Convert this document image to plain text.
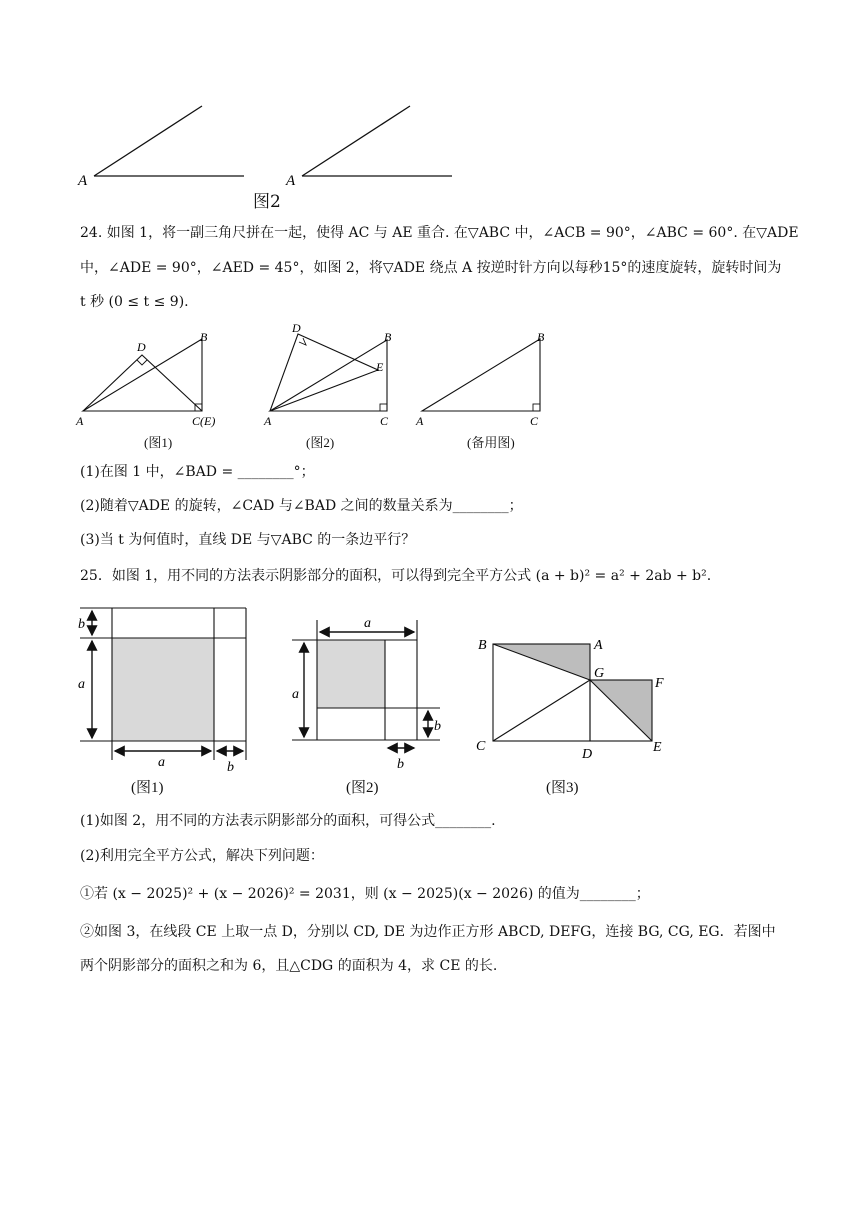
A	A
图2
24. 如图 1，将一副三角尺拼在一起，使得 AC 与 AE 重合. 在▽ABC 中，∠ACB = 90°，∠ABC = 60°. 在▽ADE
中，∠ADE = 90°，∠AED = 45°，如图 2，将▽ADE 绕点 A 按逆时针方向以每秒15°的速度旋转，旋转时间为
t 秒 (0 ≤ t ≤ 9).
A
D
B
C(E)
(图1)
A
D
B
E
C
(图2)
A
B
C
(备用图)
(1)在图 1 中，∠BAD = ________°；
(2)随着▽ADE 的旋转，∠CAD 与∠BAD 之间的数量关系为________；
(3)当 t 为何值时，直线 DE 与▽ABC 的一条边平行？
25．如图 1，用不同的方法表示阴影部分的面积，可以得到完全平方公式 (a + b)² = a² + 2ab + b².
b
a
a	b
(图1)
a
a
b
b
(图2)
B	A
G
F
C
D	E
(图3)
(1)如图 2，用不同的方法表示阴影部分的面积，可得公式________.
(2)利用完全平方公式，解决下列问题：
①若 (x − 2025)² + (x − 2026)² = 2031，则 (x − 2025)(x − 2026) 的值为________；
②如图 3，在线段 CE 上取一点 D，分别以 CD, DE 为边作正方形 ABCD, DEFG，连接 BG, CG, EG．若图中
两个阴影部分的面积之和为 6，且△CDG 的面积为 4，求 CE 的长.
